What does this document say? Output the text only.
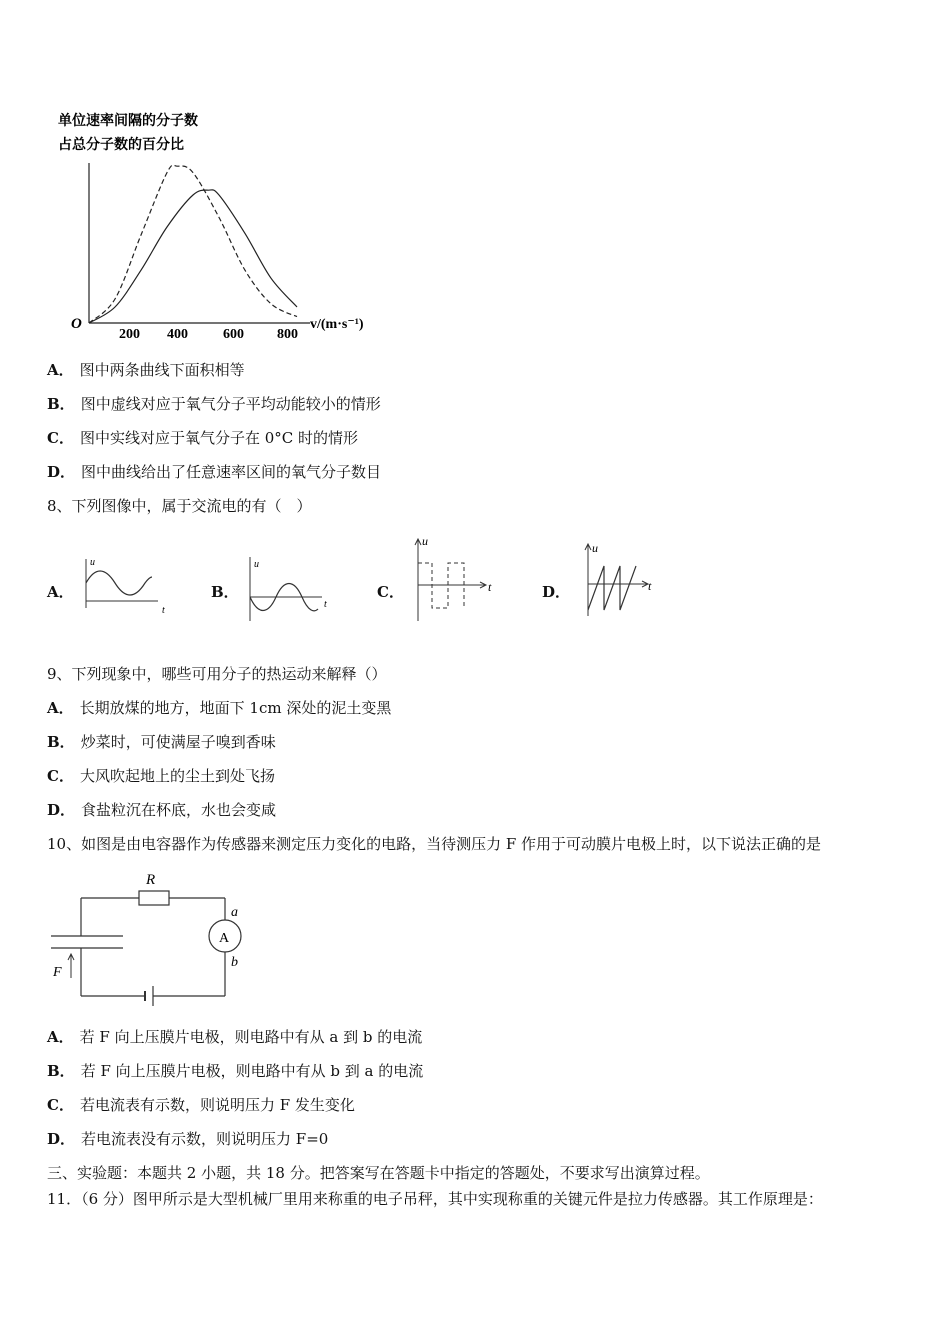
单位速率间隔的分子数
占总分子数的百分比
O	v/(m·s⁻¹)
200 400	600 800
A． 图中两条曲线下面积相等
B． 图中虚线对应于氧气分子平均动能较小的情形
C． 图中实线对应于氧气分子在 0°C 时的情形
D． 图中曲线给出了任意速率区间的氧气分子数目
8、下列图像中，属于交流电的有（　）
A．
u
t
B．
u
t
C．
u
t	D．
u
t
9、下列现象中，哪些可用分子的热运动来解释（）
A． 长期放煤的地方，地面下 1cm 深处的泥土变黑
B． 炒菜时，可使满屋子嗅到香味
C． 大风吹起地上的尘土到处飞扬
D． 食盐粒沉在杯底，水也会变咸
10、如图是由电容器作为传感器来测定压力变化的电路，当待测压力 F 作用于可动膜片电极上时，以下说法正确的是
R
A
a
b
F
A． 若 F 向上压膜片电极，则电路中有从 a 到 b 的电流
B． 若 F 向上压膜片电极，则电路中有从 b 到 a 的电流
C． 若电流表有示数，则说明压力 F 发生变化
D． 若电流表没有示数，则说明压力 F=0
三、实验题：本题共 2 小题，共 18 分。把答案写在答题卡中指定的答题处，不要求写出演算过程。
11．（6 分）图甲所示是大型机械厂里用来称重的电子吊秤，其中实现称重的关键元件是拉力传感器。其工作原理是：
